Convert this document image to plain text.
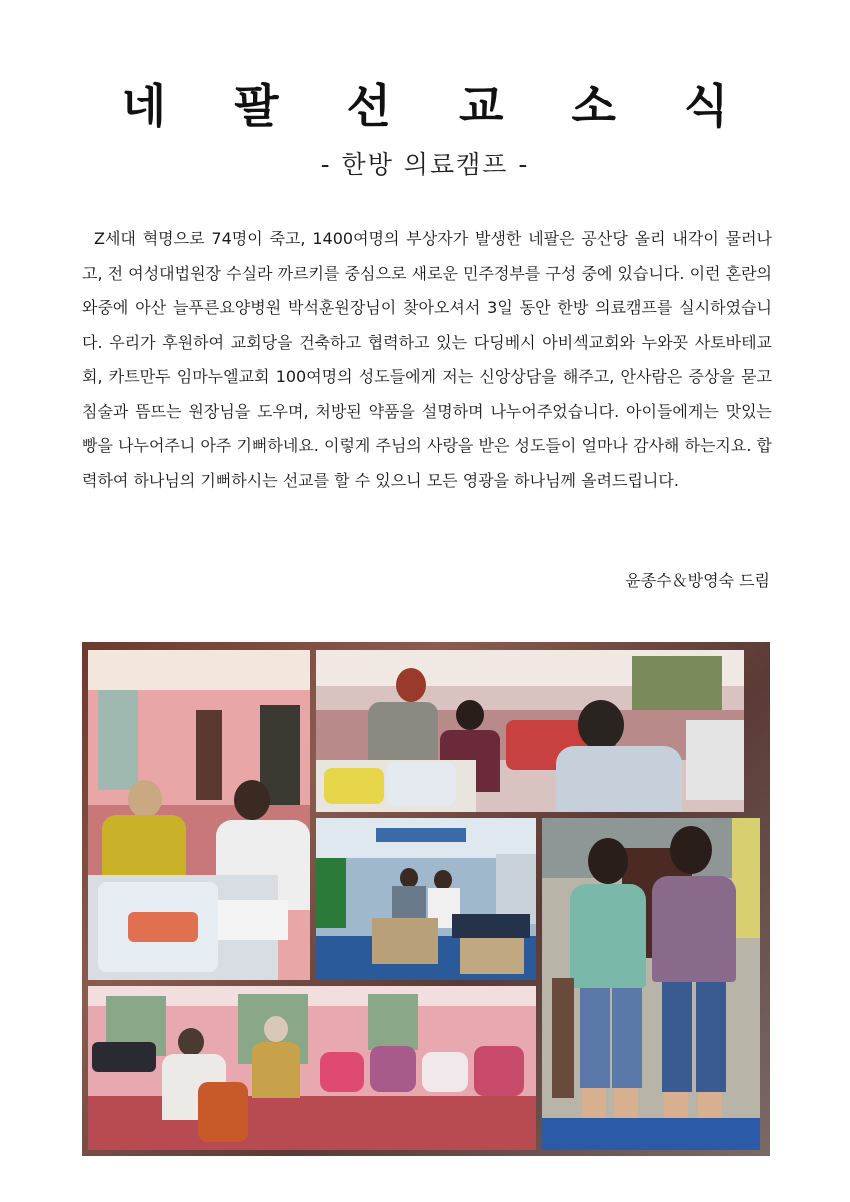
네 팔 선 교 소 식
- 한방 의료캠프 -

Z세대 혁명으로 74명이 죽고, 1400여명의 부상자가 발생한 네팔은 공산당 올리 내각이 물러나고, 전 여성대법원장 수실라 까르키를 중심으로 새로운 민주정부를 구성 중에 있습니다. 이런 혼란의 와중에 아산 늘푸른요양병원 박석훈원장님이 찾아오셔서 3일 동안 한방 의료캠프를 실시하였습니다. 우리가 후원하여 교회당을 건축하고 협력하고 있는 다딩베시 아비섹교회와 누와꼿 사토바테교회, 카트만두 임마누엘교회 100여명의 성도들에게 저는 신앙상담을 해주고, 안사람은 증상을 묻고 침술과 뜸뜨는 원장님을 도우며, 처방된 약품을 설명하며 나누어주었습니다. 아이들에게는 맛있는 빵을 나누어주니 아주 기뻐하네요. 이렇게 주님의 사랑을 받은 성도들이 얼마나 감사해 하는지요. 합력하여 하나님의 기뻐하시는 선교를 할 수 있으니 모든 영광을 하나님께 올려드립니다.

윤종수＆방영숙 드림
